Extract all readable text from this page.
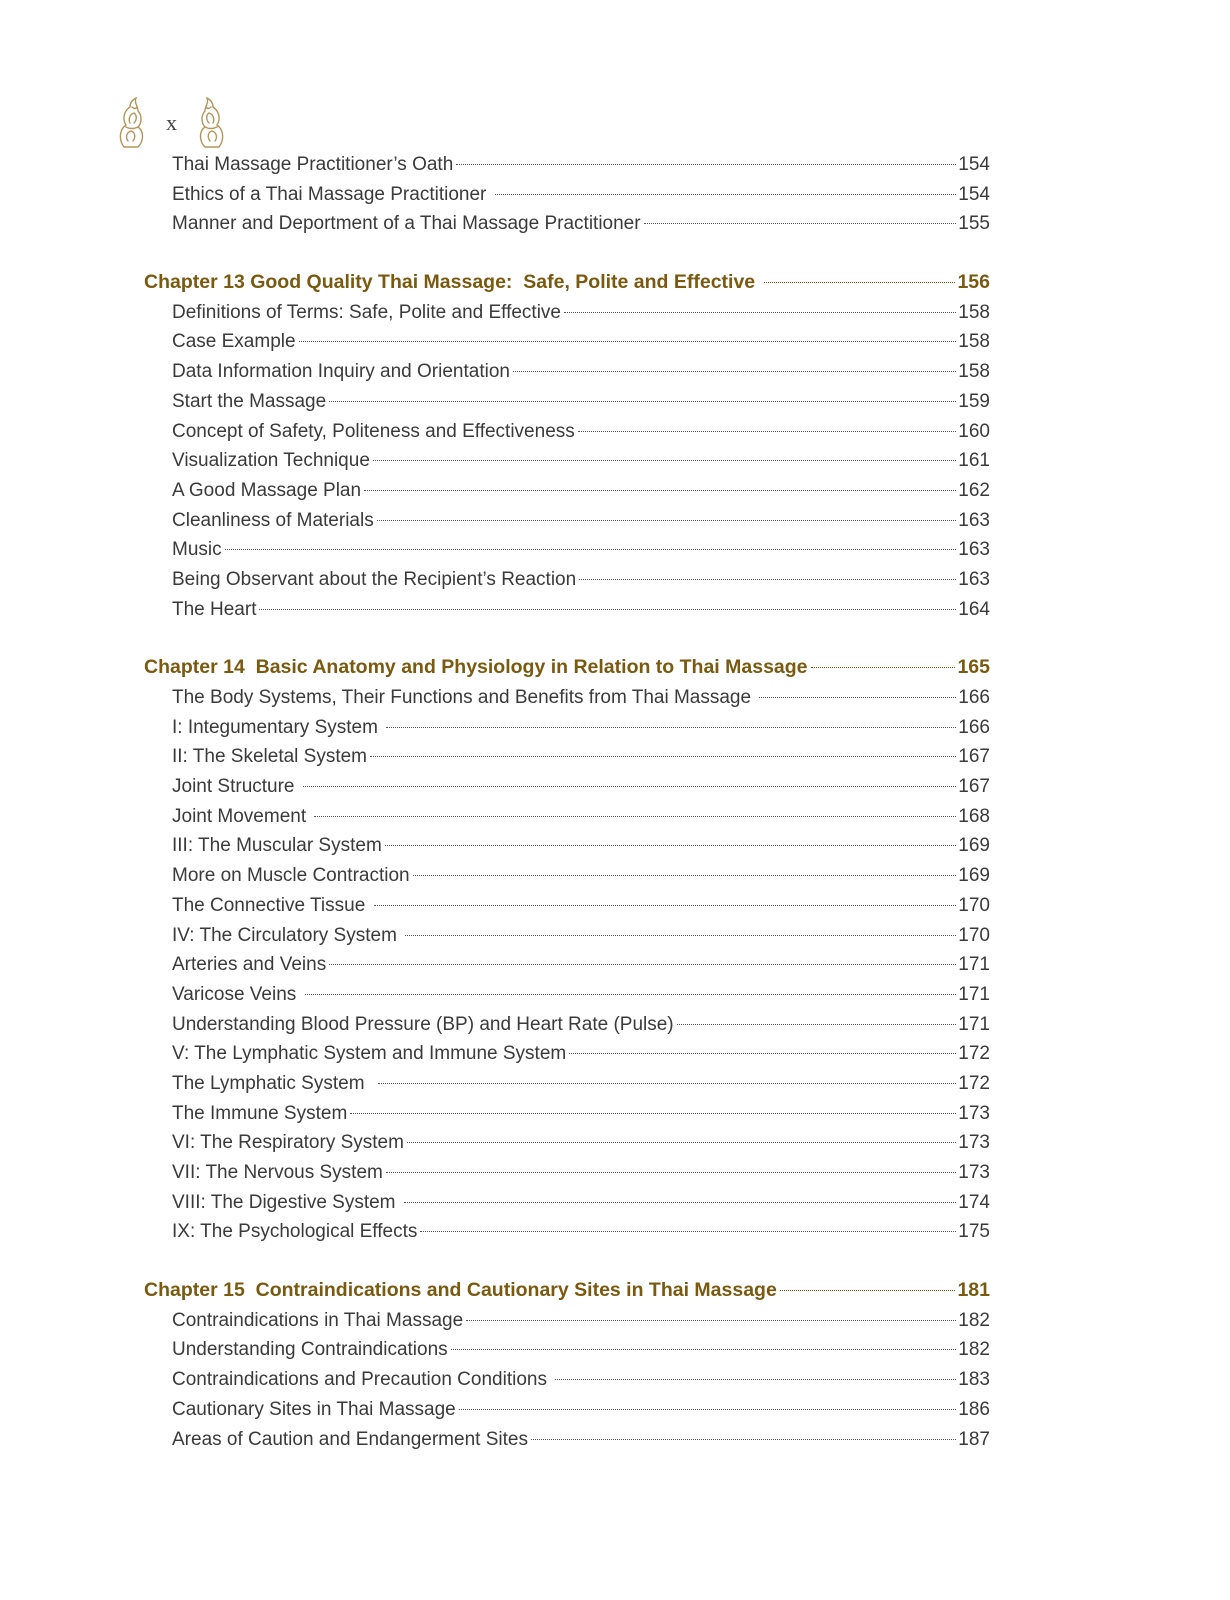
x
Thai Massage Practitioner’s Oath	154
Ethics of a Thai Massage Practitioner	154
Manner and Deportment of a Thai Massage Practitioner	155
Chapter 13 Good Quality Thai Massage:  Safe, Polite and Effective	156
Definitions of Terms: Safe, Polite and Effective	158
Case Example	158
Data Information Inquiry and Orientation	158
Start the Massage	159
Concept of Safety, Politeness and Effectiveness	160
Visualization Technique	161
A Good Massage Plan	162
Cleanliness of Materials	163
Music	163
Being Observant about the Recipient’s Reaction	163
The Heart	164
Chapter 14  Basic Anatomy and Physiology in Relation to Thai Massage	165
The Body Systems, Their Functions and Benefits from Thai Massage	166
I: Integumentary System	166
II: The Skeletal System	167
Joint Structure	167
Joint Movement	168
III: The Muscular System	169
More on Muscle Contraction	169
The Connective Tissue	170
IV: The Circulatory System	170
Arteries and Veins	171
Varicose Veins	171
Understanding Blood Pressure (BP) and Heart Rate (Pulse)	171
V: The Lymphatic System and Immune System	172
The Lymphatic System	172
The Immune System	173
VI: The Respiratory System	173
VII: The Nervous System	173
VIII: The Digestive System	174
IX: The Psychological Effects	175
Chapter 15  Contraindications and Cautionary Sites in Thai Massage	181
Contraindications in Thai Massage	182
Understanding Contraindications	182
Contraindications and Precaution Conditions	183
Cautionary Sites in Thai Massage	186
Areas of Caution and Endangerment Sites	187
